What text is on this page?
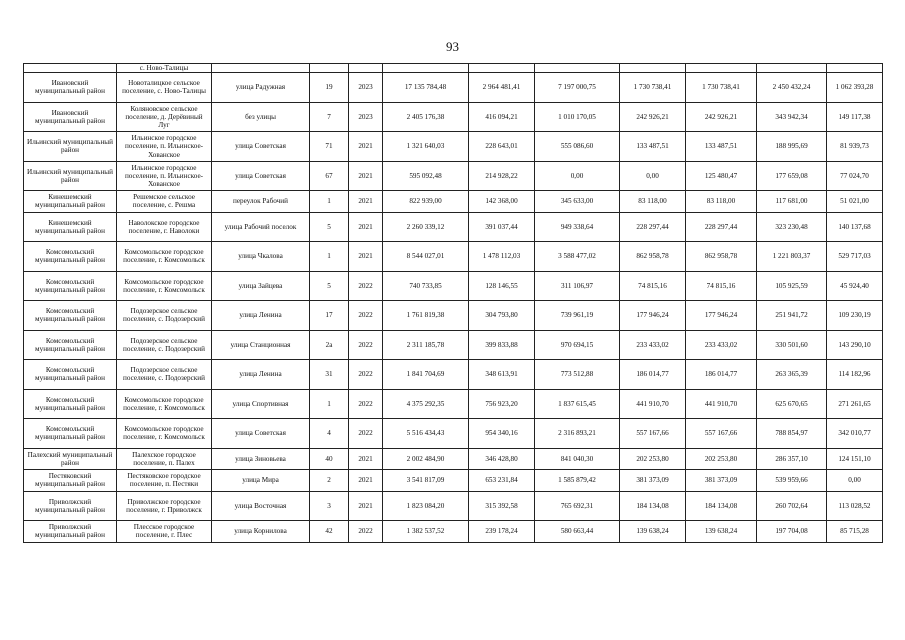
93
	с. Ново-Талицы										
Ивановский муниципальный район	Новоталицкое сельское поселение, с. Ново-Талицы	улица Радужная	19	2023	17 135 784,48	2 964 481,41	7 197 000,75	1 730 738,41	1 730 738,41	2 450 432,24	1 062 393,28
Ивановский муниципальный район	Коляновское сельское поселение, д. Дерёвиный Луг	без улицы	7	2023	2 405 176,38	416 094,21	1 010 170,05	242 926,21	242 926,21	343 942,34	149 117,38
Ильинский муниципальный район	Ильинское городское поселение, п. Ильинское-Хованское	улица Советская	71	2021	1 321 640,03	228 643,01	555 086,60	133 487,51	133 487,51	188 995,69	81 939,73
Ильинский муниципальный район	Ильинское городское поселение, п. Ильинское-Хованское	улица Советская	67	2021	595 092,48	214 928,22	0,00	0,00	125 480,47	177 659,08	77 024,70
Кинешемский муниципальный район	Решемское сельское поселение, с. Решма	переулок Рабочий	1	2021	822 939,00	142 368,00	345 633,00	83 118,00	83 118,00	117 681,00	51 021,00
Кинешемский муниципальный район	Наволокское городское поселение, г. Наволоки	улица Рабочий поселок	5	2021	2 260 339,12	391 037,44	949 338,64	228 297,44	228 297,44	323 230,48	140 137,68
Комсомольский муниципальный район	Комсомольское городское поселение, г. Комсомольск	улица Чкалова	1	2021	8 544 027,01	1 478 112,03	3 588 477,02	862 958,78	862 958,78	1 221 803,37	529 717,03
Комсомольский муниципальный район	Комсомольское городское поселение, г. Комсомольск	улица Зайцева	5	2022	740 733,85	128 146,55	311 106,97	74 815,16	74 815,16	105 925,59	45 924,40
Комсомольский муниципальный район	Подозерское сельское поселение, с. Подозерский	улица Ленина	17	2022	1 761 819,38	304 793,80	739 961,19	177 946,24	177 946,24	251 941,72	109 230,19
Комсомольский муниципальный район	Подозерское сельское поселение, с. Подозерский	улица Станционная	2а	2022	2 311 185,78	399 833,88	970 694,15	233 433,02	233 433,02	330 501,60	143 290,10
Комсомольский муниципальный район	Подозерское сельское поселение, с. Подозерский	улица Ленина	31	2022	1 841 704,69	348 613,91	773 512,88	186 014,77	186 014,77	263 365,39	114 182,96
Комсомольский муниципальный район	Комсомольское городское поселение, г. Комсомольск	улица Спортивная	1	2022	4 375 292,35	756 923,20	1 837 615,45	441 910,70	441 910,70	625 670,65	271 261,65
Комсомольский муниципальный район	Комсомольское городское поселение, г. Комсомольск	улица Советская	4	2022	5 516 434,43	954 340,16	2 316 893,21	557 167,66	557 167,66	788 854,97	342 010,77
Палехский муниципальный район	Палехское городское поселение, п. Палех	улица Зиновьева	40	2021	2 002 484,90	346 428,80	841 040,30	202 253,80	202 253,80	286 357,10	124 151,10
Пестяковский муниципальный район	Пестяковское городское поселение, п. Пестяки	улица Мира	2	2021	3 541 817,09	653 231,84	1 585 879,42	381 373,09	381 373,09	539 959,66	0,00
Приволжский муниципальный район	Приволжское городское поселение, г. Приволжск	улица Восточная	3	2021	1 823 084,20	315 392,58	765 692,31	184 134,08	184 134,08	260 702,64	113 028,52
Приволжский муниципальный район	Плесское городское поселение, г. Плес	улица Корнилова	42	2022	1 382 537,52	239 178,24	580 663,44	139 638,24	139 638,24	197 704,08	85 715,28
